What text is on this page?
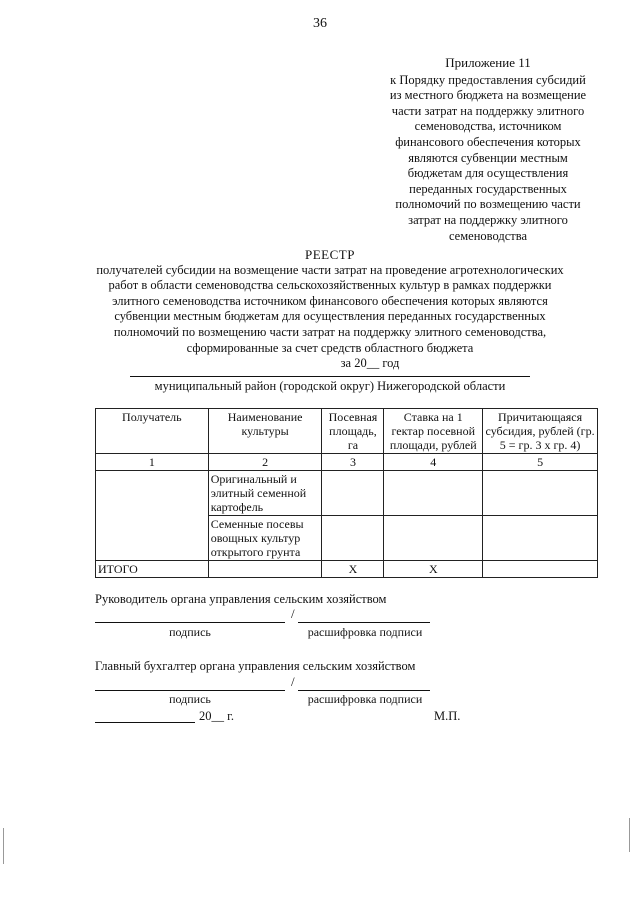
36
Приложение 11
к Порядку предоставления субсидий
из местного бюджета на возмещение
части затрат на поддержку элитного
семеноводства, источником
финансового обеспечения которых
являются субвенции местным
бюджетам для осуществления
переданных государственных
полномочий по возмещению части
затрат на поддержку элитного
семеноводства
РЕЕСТР
получателей субсидии на возмещение части затрат на проведение агротехнологических
работ в области семеноводства сельскохозяйственных культур в рамках поддержки
элитного семеноводства источником финансового обеспечения которых являются
субвенции местным бюджетам для осуществления переданных государственных
полномочий по возмещению части затрат на поддержку элитного семеноводства,
сформированные за счет средств областного бюджета
за 20__ год
муниципальный район (городской округ) Нижегородской области
Получатель	Наименование культуры	Посевная площадь, га	Ставка на 1 гектар посевной площади, рублей	Причитающаяся субсидия, рублей (гр. 5 = гр. 3 х гр. 4)
1	2	3	4	5
	Оригинальный и элитный семенной картофель			
	Семенные посевы овощных культур открытого грунта			
ИТОГО		Х	Х	
Руководитель органа управления сельским хозяйством
/
подпись	расшифровка подписи
Главный бухгалтер органа управления сельским хозяйством
/
подпись	расшифровка подписи
20__ г.	М.П.
